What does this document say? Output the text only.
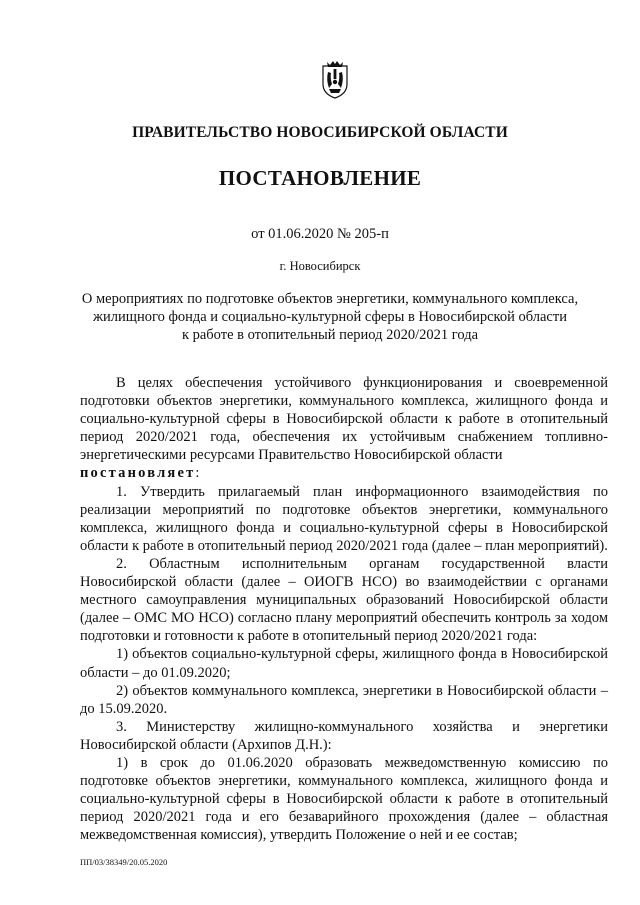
ПРАВИТЕЛЬСТВО НОВОСИБИРСКОЙ ОБЛАСТИ
ПОСТАНОВЛЕНИЕ
от 01.06.2020 № 205-п
г. Новосибирск
О мероприятиях по подготовке объектов энергетики, коммунального комплекса,
жилищного фонда и социально-культурной сферы в Новосибирской области
к работе в отопительный период 2020/2021 года

В целях обеспечения устойчивого функционирования и своевременной подготовки объектов энергетики, коммунального комплекса, жилищного фонда и социально-культурной сферы в Новосибирской области к работе в отопительный период 2020/2021 года, обеспечения их устойчивым снабжением топливно-энергетическими ресурсами Правительство Новосибирской области

постановляет:

1. Утвердить прилагаемый план информационного взаимодействия по реализации мероприятий по подготовке объектов энергетики, коммунального комплекса, жилищного фонда и социально-культурной сферы в Новосибирской области к работе в отопительный период 2020/2021 года (далее – план мероприятий).

2. Областным исполнительным органам государственной власти Новосибирской области (далее – ОИОГВ НСО) во взаимодействии с органами местного самоуправления муниципальных образований Новосибирской области (далее – ОМС МО НСО) согласно плану мероприятий обеспечить контроль за ходом подготовки и готовности к работе в отопительный период 2020/2021 года:

1) объектов социально-культурной сферы, жилищного фонда в Новосибирской области – до 01.09.2020;

2) объектов коммунального комплекса, энергетики в Новосибирской области – до 15.09.2020.

3. Министерству жилищно-коммунального хозяйства и энергетики Новосибирской области (Архипов Д.Н.):

1) в срок до 01.06.2020 образовать межведомственную комиссию по подготовке объектов энергетики, коммунального комплекса, жилищного фонда и социально-культурной сферы в Новосибирской области к работе в отопительный период 2020/2021 года и его безаварийного прохождения (далее – областная межведомственная комиссия), утвердить Положение о ней и ее состав;

ПП/03/38349/20.05.2020
